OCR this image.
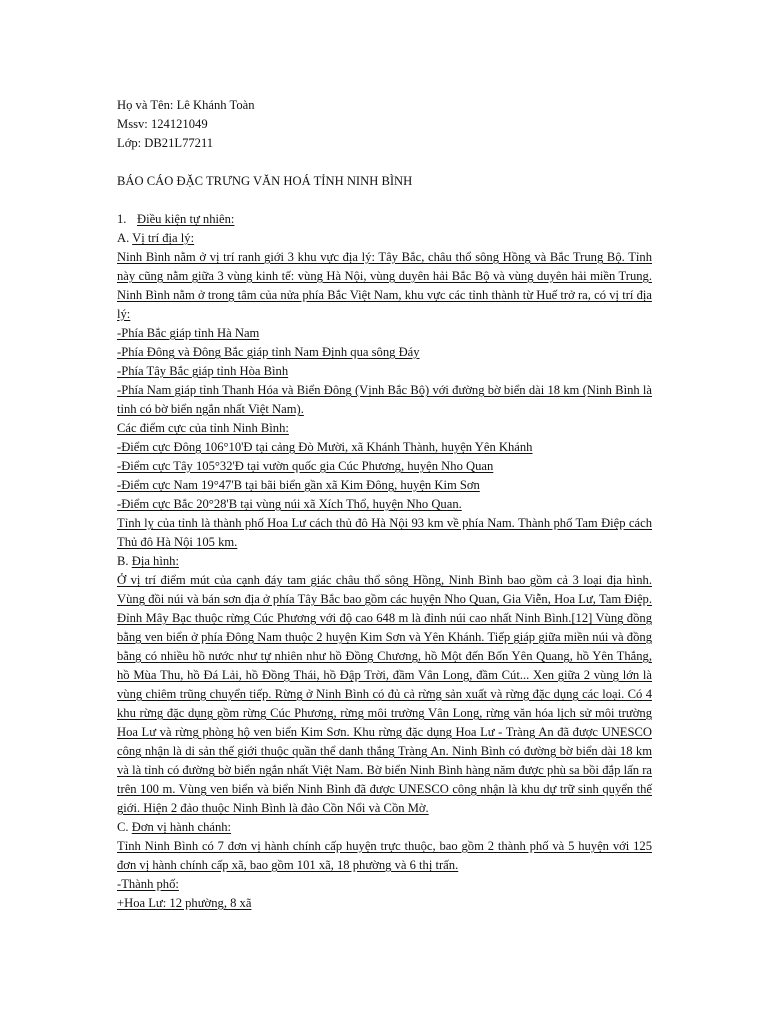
Họ và Tên: Lê Khánh Toàn

Mssv: 124121049

Lớp: DB21L77211

BÁO CÁO ĐẶC TRƯNG VĂN HOÁ TỈNH NINH BÌNH

1. Điều kiện tự nhiên:

A. Vị trí địa lý:

Ninh Bình nằm ở vị trí ranh giới 3 khu vực địa lý: Tây Bắc, châu thổ sông Hồng và Bắc Trung Bộ. Tỉnh này cũng nằm giữa 3 vùng kinh tế: vùng Hà Nội, vùng duyên hải Bắc Bộ và vùng duyên hải miền Trung. Ninh Bình nằm ở trong tâm của nửa phía Bắc Việt Nam, khu vực các tỉnh thành từ Huế trở ra, có vị trí địa lý:

-Phía Bắc giáp tỉnh Hà Nam

-Phía Đông và Đông Bắc giáp tỉnh Nam Định qua sông Đáy

-Phía Tây Bắc giáp tỉnh Hòa Bình

-Phía Nam giáp tỉnh Thanh Hóa và Biển Đông (Vịnh Bắc Bộ) với đường bờ biển dài 18 km (Ninh Bình là tỉnh có bờ biển ngắn nhất Việt Nam).

Các điểm cực của tỉnh Ninh Bình:

-Điểm cực Đông 106°10'Đ tại cảng Đò Mười, xã Khánh Thành, huyện Yên Khánh

-Điểm cực Tây 105°32'Đ tại vườn quốc gia Cúc Phương, huyện Nho Quan

-Điểm cực Nam 19°47'B tại bãi biển gần xã Kim Đông, huyện Kim Sơn

-Điểm cực Bắc 20°28'B tại vùng núi xã Xích Thổ, huyện Nho Quan.

Tỉnh lỵ của tỉnh là thành phố Hoa Lư cách thủ đô Hà Nội 93 km về phía Nam. Thành phố Tam Điệp cách Thủ đô Hà Nội 105 km.

B. Địa hình:

Ở vị trí điểm mút của cạnh đáy tam giác châu thổ sông Hồng, Ninh Bình bao gồm cả 3 loại địa hình. Vùng đồi núi và bán sơn địa ở phía Tây Bắc bao gồm các huyện Nho Quan, Gia Viễn, Hoa Lư, Tam Điệp. Đỉnh Mây Bạc thuộc rừng Cúc Phương với độ cao 648 m là đỉnh núi cao nhất Ninh Bình.[12] Vùng đồng bằng ven biển ở phía Đông Nam thuộc 2 huyện Kim Sơn và Yên Khánh. Tiếp giáp giữa miền núi và đồng bằng có nhiều hồ nước như tự nhiên như hồ Đồng Chương, hồ Một đến Bốn Yên Quang, hồ Yên Thắng, hồ Mùa Thu, hồ Đá Lải, hồ Đồng Thái, hồ Đập Trời, đầm Vân Long, đầm Cút... Xen giữa 2 vùng lớn là vùng chiêm trũng chuyển tiếp. Rừng ở Ninh Bình có đủ cả rừng sản xuất và rừng đặc dụng các loại. Có 4 khu rừng đặc dụng gồm rừng Cúc Phương, rừng môi trường Vân Long, rừng văn hóa lịch sử môi trường Hoa Lư và rừng phòng hộ ven biển Kim Sơn. Khu rừng đặc dụng Hoa Lư - Tràng An đã được UNESCO công nhận là di sản thế giới thuộc quần thể danh thắng Tràng An. Ninh Bình có đường bờ biển dài 18 km và là tỉnh có đường bờ biển ngắn nhất Việt Nam. Bờ biển Ninh Bình hàng năm được phù sa bồi đắp lấn ra trên 100 m. Vùng ven biển và biển Ninh Bình đã được UNESCO công nhận là khu dự trữ sinh quyển thế giới. Hiện 2 đảo thuộc Ninh Bình là đảo Cồn Nổi và Cồn Mờ.

C. Đơn vị hành chánh:

Tỉnh Ninh Bình có 7 đơn vị hành chính cấp huyện trực thuộc, bao gồm 2 thành phố và 5 huyện với 125 đơn vị hành chính cấp xã, bao gồm 101 xã, 18 phường và 6 thị trấn.

-Thành phố:

+Hoa Lư: 12 phường, 8 xã
